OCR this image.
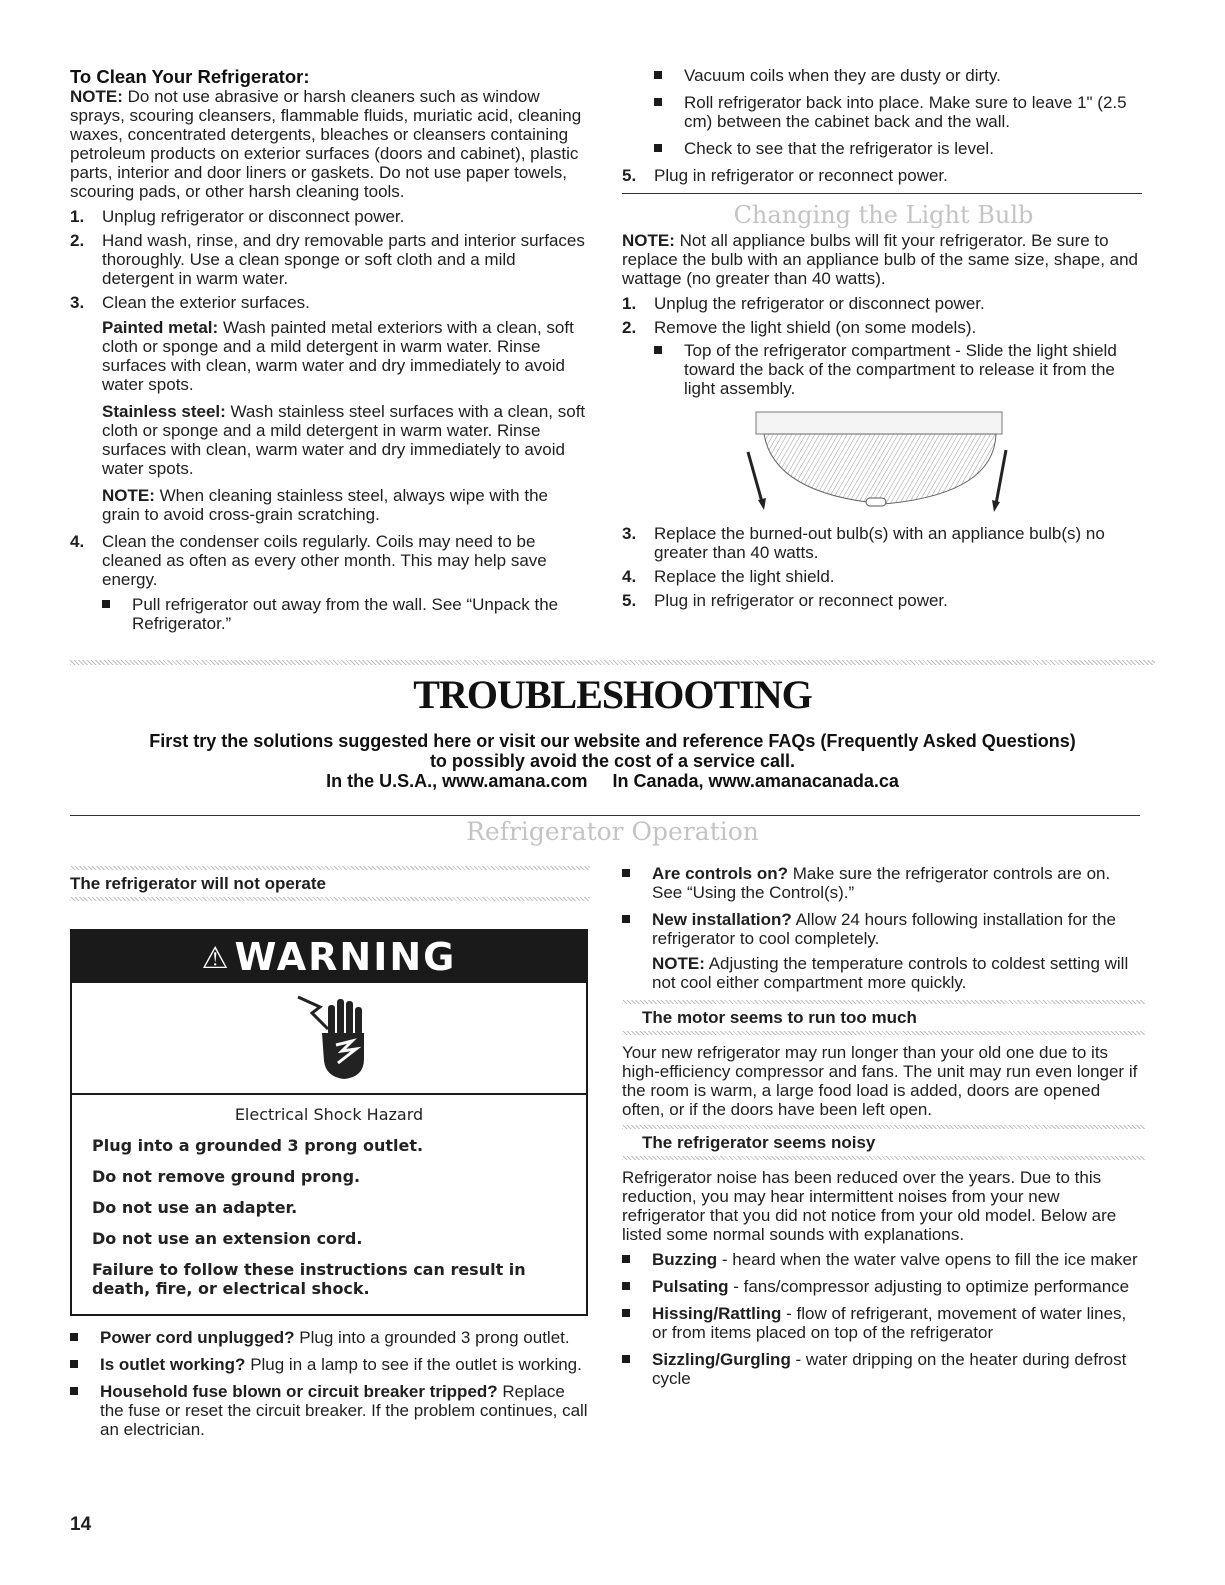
To Clean Your Refrigerator:

NOTE: Do not use abrasive or harsh cleaners such as window sprays, scouring cleansers, flammable fluids, muriatic acid, cleaning waxes, concentrated detergents, bleaches or cleansers containing petroleum products on exterior surfaces (doors and cabinet), plastic parts, interior and door liners or gaskets. Do not use paper towels, scouring pads, or other harsh cleaning tools.

1. Unplug refrigerator or disconnect power.
2. Hand wash, rinse, and dry removable parts and interior surfaces thoroughly. Use a clean sponge or soft cloth and a mild detergent in warm water.
3. Clean the exterior surfaces.
Painted metal: Wash painted metal exteriors with a clean, soft cloth or sponge and a mild detergent in warm water. Rinse surfaces with clean, warm water and dry immediately to avoid water spots.
Stainless steel: Wash stainless steel surfaces with a clean, soft cloth or sponge and a mild detergent in warm water. Rinse surfaces with clean, warm water and dry immediately to avoid water spots.
NOTE: When cleaning stainless steel, always wipe with the grain to avoid cross-grain scratching.
4. Clean the condenser coils regularly. Coils may need to be cleaned as often as every other month. This may help save energy.
Pull refrigerator out away from the wall. See “Unpack the Refrigerator.”
Vacuum coils when they are dusty or dirty.
Roll refrigerator back into place. Make sure to leave 1" (2.5 cm) between the cabinet back and the wall.
Check to see that the refrigerator is level.
5. Plug in refrigerator or reconnect power.
Changing the Light Bulb

NOTE: Not all appliance bulbs will fit your refrigerator. Be sure to replace the bulb with an appliance bulb of the same size, shape, and wattage (no greater than 40 watts).

1. Unplug the refrigerator or disconnect power.
2. Remove the light shield (on some models).
Top of the refrigerator compartment - Slide the light shield toward the back of the compartment to release it from the light assembly.
3. Replace the burned-out bulb(s) with an appliance bulb(s) no greater than 40 watts.
4. Replace the light shield.
5. Plug in refrigerator or reconnect power.
TROUBLESHOOTING
First try the solutions suggested here or visit our website and reference FAQs (Frequently Asked Questions)
to possibly avoid the cost of a service call.
In the U.S.A., www.amana.com     In Canada, www.amanacanada.ca
Refrigerator Operation

The refrigerator will not operate

⚠ WARNING
Electrical Shock Hazard
Plug into a grounded 3 prong outlet.
Do not remove ground prong.
Do not use an adapter.
Do not use an extension cord.
Failure to follow these instructions can result in death, fire, or electrical shock.
Power cord unplugged? Plug into a grounded 3 prong outlet.
Is outlet working? Plug in a lamp to see if the outlet is working.
Household fuse blown or circuit breaker tripped? Replace the fuse or reset the circuit breaker. If the problem continues, call an electrician.
Are controls on? Make sure the refrigerator controls are on. See “Using the Control(s).”
New installation? Allow 24 hours following installation for the refrigerator to cool completely.
NOTE: Adjusting the temperature controls to coldest setting will not cool either compartment more quickly.

The motor seems to run too much

Your new refrigerator may run longer than your old one due to its high-efficiency compressor and fans. The unit may run even longer if the room is warm, a large food load is added, doors are opened often, or if the doors have been left open.

The refrigerator seems noisy

Refrigerator noise has been reduced over the years. Due to this reduction, you may hear intermittent noises from your new refrigerator that you did not notice from your old model. Below are listed some normal sounds with explanations.

Buzzing - heard when the water valve opens to fill the ice maker
Pulsating - fans/compressor adjusting to optimize performance
Hissing/Rattling - flow of refrigerant, movement of water lines, or from items placed on top of the refrigerator
Sizzling/Gurgling - water dripping on the heater during defrost cycle
14
